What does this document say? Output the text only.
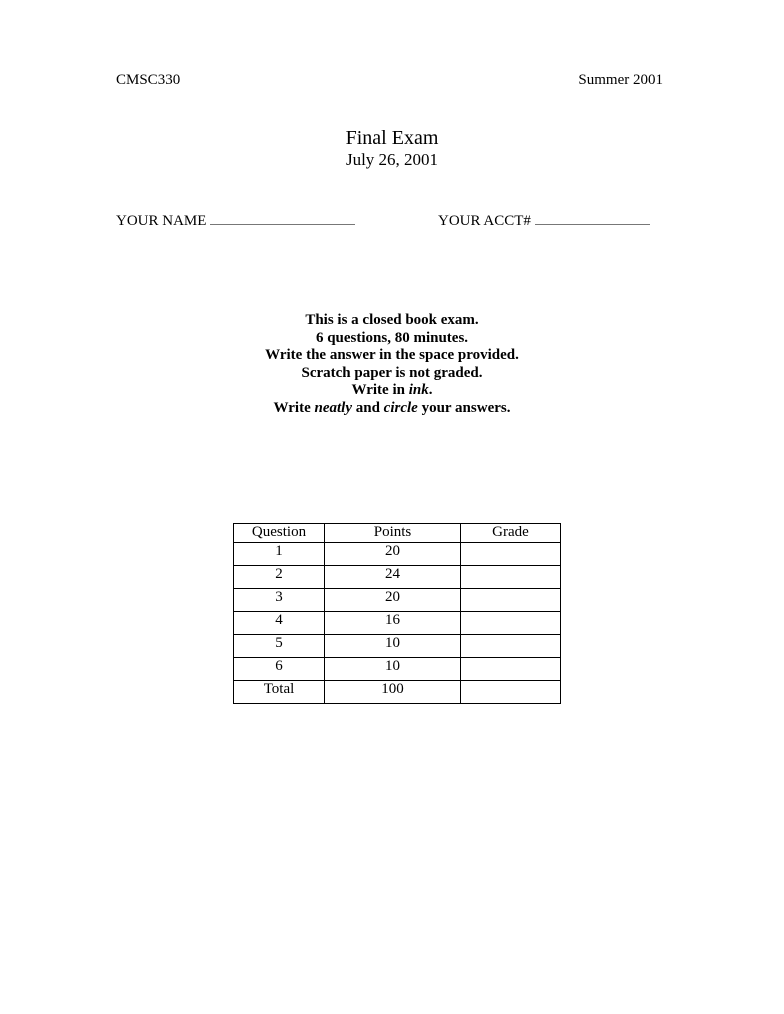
CMSC330	Summer 2001
Final Exam
July 26, 2001
YOUR NAME	YOUR ACCT#
This is a closed book exam.
6 questions, 80 minutes.
Write the answer in the space provided.
Scratch paper is not graded.
Write in ink.
Write neatly and circle your answers.
Question	Points	Grade
1	20	
2	24	
3	20	
4	16	
5	10	
6	10	
Total	100	
